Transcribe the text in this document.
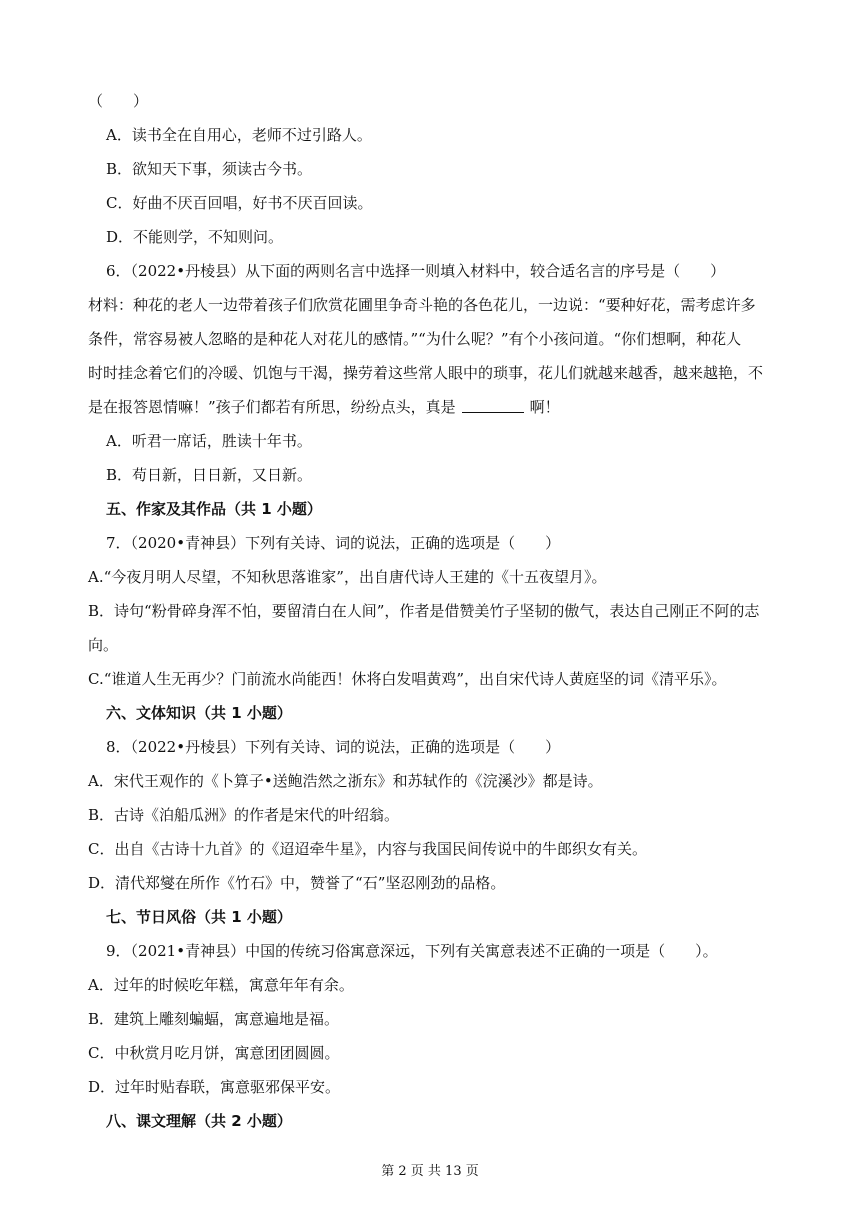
（　　）
A．读书全在自用心，老师不过引路人。
B．欲知天下事，须读古今书。
C．好曲不厌百回唱，好书不厌百回读。
D．不能则学，不知则问。
6．（2022•丹棱县）从下面的两则名言中选择一则填入材料中，较合适名言的序号是（　　）
材料：种花的老人一边带着孩子们欣赏花圃里争奇斗艳的各色花儿，一边说：“要种好花，需考虑许多
条件，常容易被人忽略的是种花人对花儿的感情。”“为什么呢？”有个小孩问道。“你们想啊，种花人
时时挂念着它们的冷暖、饥饱与干渴，操劳着这些常人眼中的琐事，花儿们就越来越香，越来越艳，不
是在报答恩情嘛！”孩子们都若有所思，纷纷点头，真是	啊！
A．听君一席话，胜读十年书。
B．苟日新，日日新，又日新。
五、作家及其作品（共 1 小题）
7．（2020•青神县）下列有关诗、词的说法，正确的选项是（　　）
A.“今夜月明人尽望，不知秋思落谁家”，出自唐代诗人王建的《十五夜望月》。
B．诗句“粉骨碎身浑不怕，要留清白在人间”，作者是借赞美竹子坚韧的傲气，表达自己刚正不阿的志
向。
C.“谁道人生无再少？门前流水尚能西！休将白发唱黄鸡”，出自宋代诗人黄庭坚的词《清平乐》。
六、文体知识（共 1 小题）
8．（2022•丹棱县）下列有关诗、词的说法，正确的选项是（　　）
A．宋代王观作的《卜算子•送鲍浩然之浙东》和苏轼作的《浣溪沙》都是诗。
B．古诗《泊船瓜洲》的作者是宋代的叶绍翁。
C．出自《古诗十九首》的《迢迢牵牛星》，内容与我国民间传说中的牛郎织女有关。
D．清代郑燮在所作《竹石》中，赞誉了“石”坚忍刚劲的品格。
七、节日风俗（共 1 小题）
9．（2021•青神县）中国的传统习俗寓意深远，下列有关寓意表述不正确的一项是（　　）。
A．过年的时候吃年糕，寓意年年有余。
B．建筑上雕刻蝙蝠，寓意遍地是福。
C．中秋赏月吃月饼，寓意团团圆圆。
D．过年时贴春联，寓意驱邪保平安。
八、课文理解（共 2 小题）
第 2 页 共 13 页
